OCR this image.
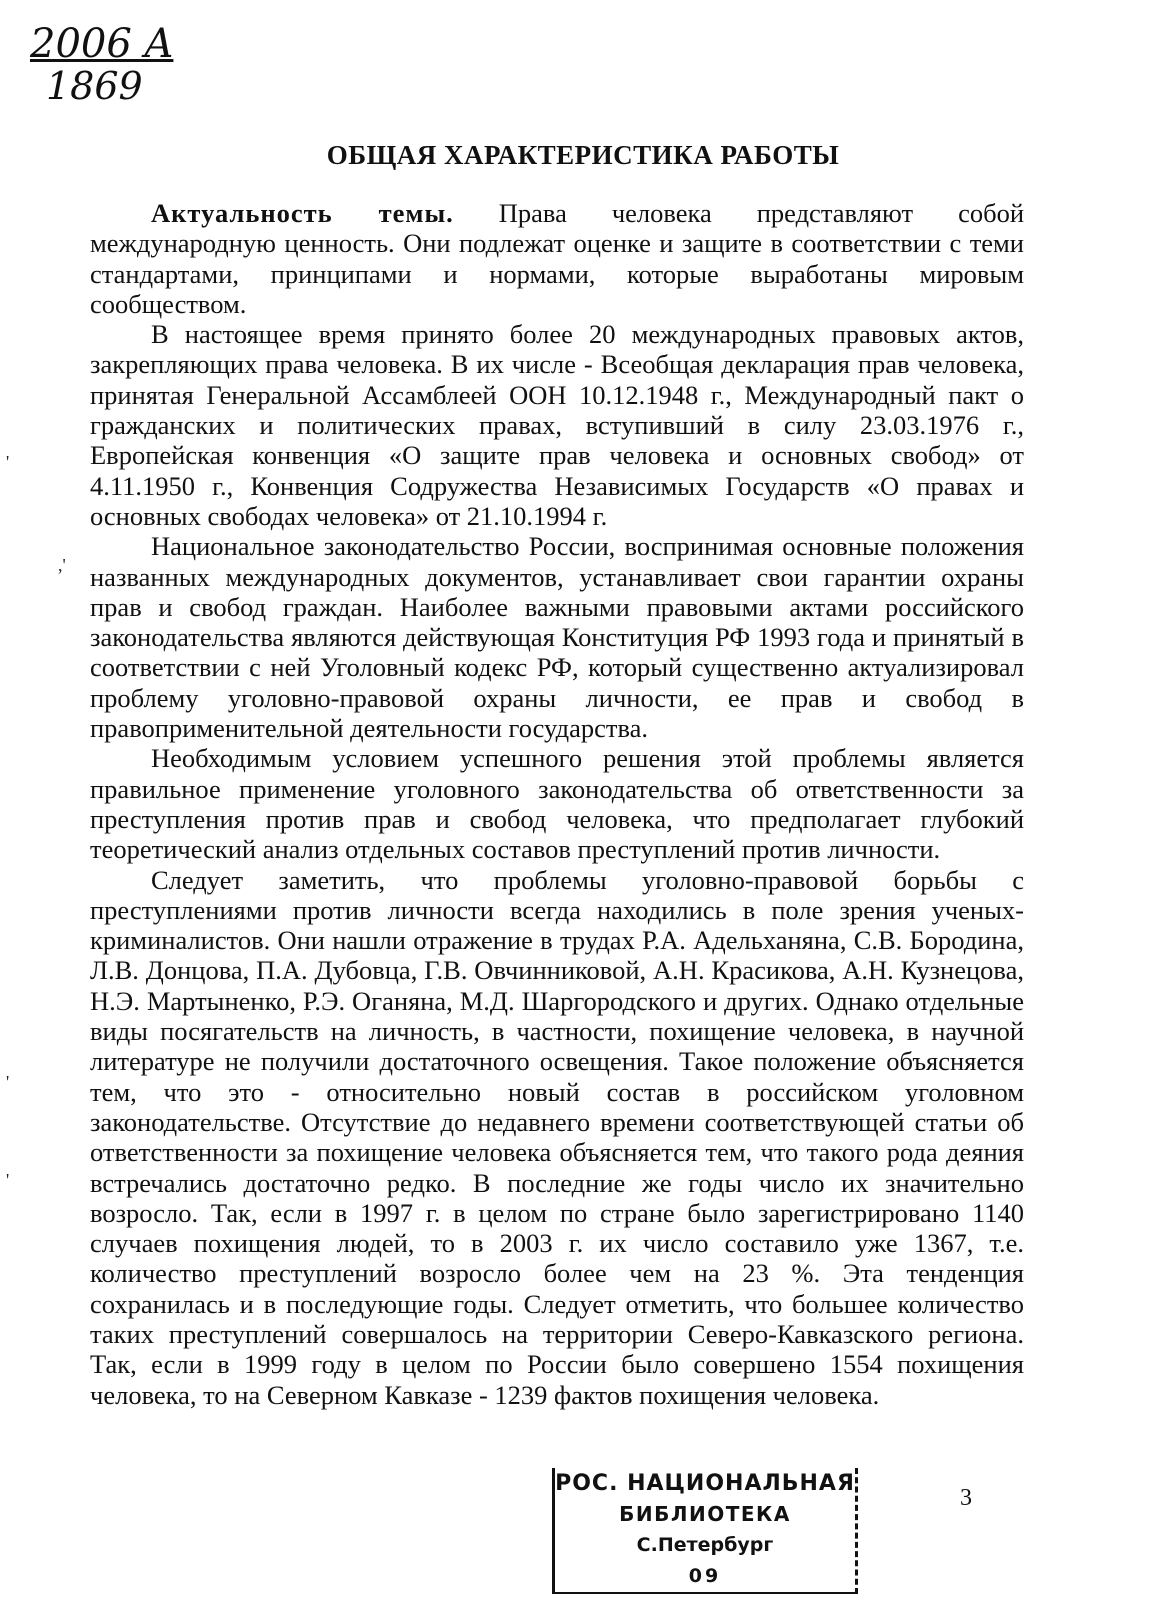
2006 A
1869
ОБЩАЯ ХАРАКТЕРИСТИКА РАБОТЫ

Актуальность темы. Права человека представляют собой международную ценность. Они подлежат оценке и защите в соответствии с теми стандартами, принципами и нормами, которые выработаны мировым сообществом.

В настоящее время принято более 20 международных правовых актов, закрепляющих права человека. В их числе - Всеобщая декларация прав человека, принятая Генеральной Ассамблеей ООН 10.12.1948 г., Международный пакт о гражданских и политических правах, вступивший в силу 23.03.1976 г., Европейская конвенция «О защите прав человека и основных свобод» от 4.11.1950 г., Конвенция Содружества Независимых Государств «О правах и основных свободах человека» от 21.10.1994 г.

Национальное законодательство России, воспринимая основные положения названных международных документов, устанавливает свои гарантии охраны прав и свобод граждан. Наиболее важными правовыми актами российского законодательства являются действующая Конституция РФ 1993 года и принятый в соответствии с ней Уголовный кодекс РФ, который существенно актуализировал проблему уголовно-правовой охраны личности, ее прав и свобод в правоприменительной деятельности государства.

Необходимым условием успешного решения этой проблемы является правильное применение уголовного законодательства об ответственности за преступления против прав и свобод человека, что предполагает глубокий теоретический анализ отдельных составов преступлений против личности.

Следует заметить, что проблемы уголовно-правовой борьбы с преступлениями против личности всегда находились в поле зрения ученых-криминалистов. Они нашли отражение в трудах Р.А. Адельханяна, С.В. Бородина, Л.В. Донцова, П.А. Дубовца, Г.В. Овчинниковой, А.Н. Красикова, А.Н. Кузнецова, Н.Э. Мартыненко, Р.Э. Оганяна, М.Д. Шаргородского и других. Однако отдельные виды посягательств на личность, в частности, похищение человека, в научной литературе не получили достаточного освещения. Такое положение объясняется тем, что это - относительно новый состав в российском уголовном законодательстве. Отсутствие до недавнего времени соответствующей статьи об ответственности за похищение человека объясняется тем, что такого рода деяния встречались достаточно редко. В последние же годы число их значительно возросло. Так, если в 1997 г. в целом по стране было зарегистрировано 1140 случаев похищения людей, то в 2003 г. их число составило уже 1367, т.е. количество преступлений возросло более чем на 23 %. Эта тенденция сохранилась и в последующие годы. Следует отметить, что большее количество таких преступлений совершалось на территории Северо-Кавказского региона. Так, если в 1999 году в целом по России было совершено 1554 похищения человека, то на Северном Кавказе - 1239 фактов похищения человека.

РОС. НАЦИОНАЛЬНАЯ
БИБЛИОТЕКА
С.Петербург
09
3
'
,'
'
'
